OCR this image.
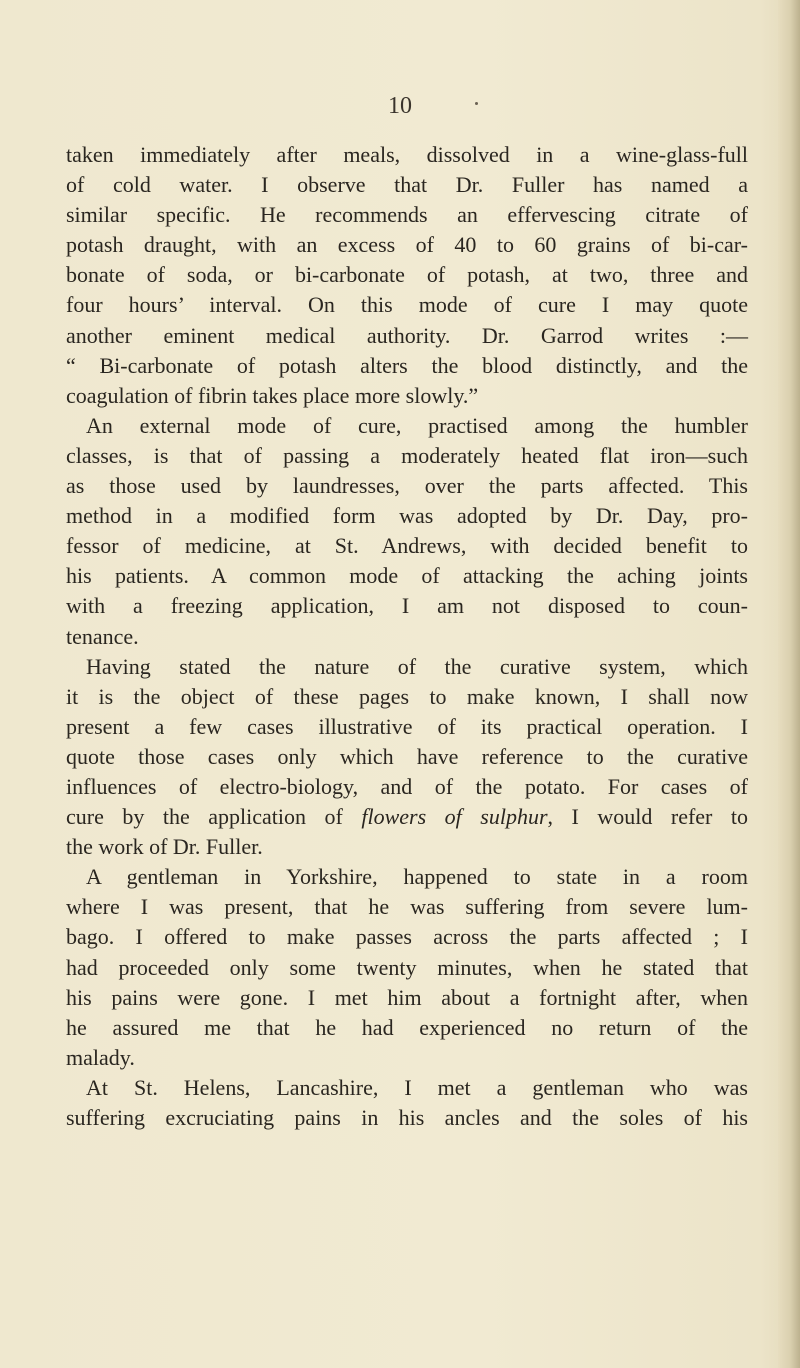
10
taken immediately after meals, dissolved in a wine-glass-full
of cold water. I observe that Dr. Fuller has named a
similar specific. He recommends an effervescing citrate of
potash draught, with an excess of 40 to 60 grains of bi-car-
bonate of soda, or bi-carbonate of potash, at two, three and
four hours’ interval. On this mode of cure I may quote
another eminent medical authority. Dr. Garrod writes :—
“ Bi-carbonate of potash alters the blood distinctly, and the
coagulation of fibrin takes place more slowly.”
An external mode of cure, practised among the humbler
classes, is that of passing a moderately heated flat iron—such
as those used by laundresses, over the parts affected. This
method in a modified form was adopted by Dr. Day, pro-
fessor of medicine, at St. Andrews, with decided benefit to
his patients. A common mode of attacking the aching joints
with a freezing application, I am not disposed to coun-
tenance.
Having stated the nature of the curative system, which
it is the object of these pages to make known, I shall now
present a few cases illustrative of its practical operation. I
quote those cases only which have reference to the curative
influences of electro-biology, and of the potato. For cases of
cure by the application of flowers of sulphur, I would refer to
the work of Dr. Fuller.
A gentleman in Yorkshire, happened to state in a room
where I was present, that he was suffering from severe lum-
bago. I offered to make passes across the parts affected ; I
had proceeded only some twenty minutes, when he stated that
his pains were gone. I met him about a fortnight after, when
he assured me that he had experienced no return of the
malady.
At St. Helens, Lancashire, I met a gentleman who was
suffering excruciating pains in his ancles and the soles of his
